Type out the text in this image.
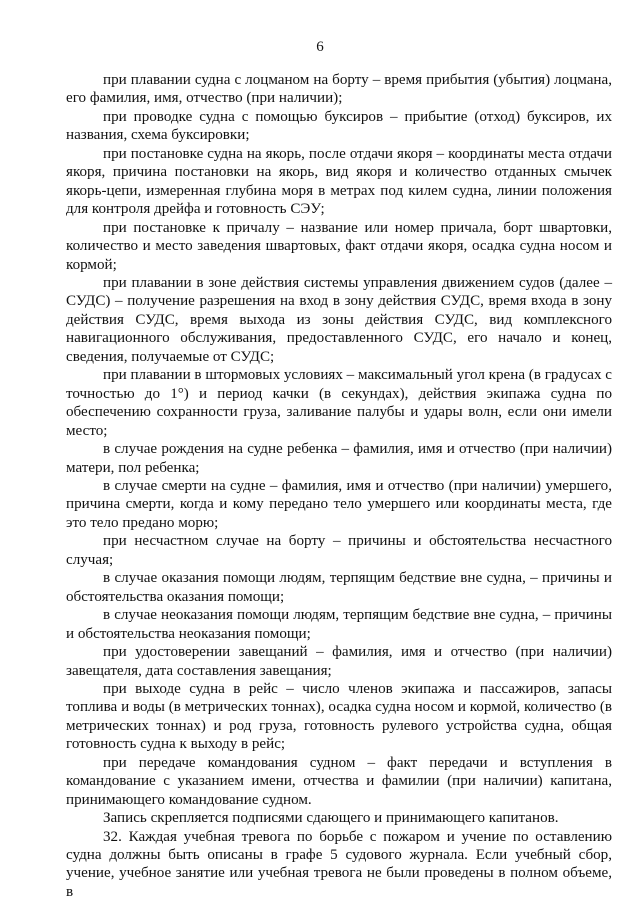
6

при плавании судна с лоцманом на борту – время прибытия (убытия) лоцмана, его фамилия, имя, отчество (при наличии);

при проводке судна с помощью буксиров – прибытие (отход) буксиров, их названия, схема буксировки;

при постановке судна на якорь, после отдачи якоря – координаты места отдачи якоря, причина постановки на якорь, вид якоря и количество отданных смычек якорь-цепи, измеренная глубина моря в метрах под килем судна, линии положения для контроля дрейфа и готовность СЭУ;

при постановке к причалу – название или номер причала, борт швартовки, количество и место заведения швартовых, факт отдачи якоря, осадка судна носом и кормой;

при плавании в зоне действия системы управления движением судов (далее – СУДС) – получение разрешения на вход в зону действия СУДС, время входа в зону действия СУДС, время выхода из зоны действия СУДС, вид комплексного навигационного обслуживания, предоставленного СУДС, его начало и конец, сведения, получаемые от СУДС;

при плавании в штормовых условиях – максимальный угол крена (в градусах с точностью до 1°) и период качки (в секундах), действия экипажа судна по обеспечению сохранности груза, заливание палубы и удары волн, если они имели место;

в случае рождения на судне ребенка – фамилия, имя и отчество (при наличии) матери, пол ребенка;

в случае смерти на судне – фамилия, имя и отчество (при наличии) умершего, причина смерти, когда и кому передано тело умершего или координаты места, где это тело предано морю;

при несчастном случае на борту – причины и обстоятельства несчастного случая;

в случае оказания помощи людям, терпящим бедствие вне судна, – причины и обстоятельства оказания помощи;

в случае неоказания помощи людям, терпящим бедствие вне судна, – причины и обстоятельства неоказания помощи;

при удостоверении завещаний – фамилия, имя и отчество (при наличии) завещателя, дата составления завещания;

при выходе судна в рейс – число членов экипажа и пассажиров, запасы топлива и воды (в метрических тоннах), осадка судна носом и кормой, количество (в метрических тоннах) и род груза, готовность рулевого устройства судна, общая готовность судна к выходу в рейс;

при передаче командования судном – факт передачи и вступления в командование с указанием имени, отчества и фамилии (при наличии) капитана, принимающего командование судном.

Запись скрепляется подписями сдающего и принимающего капитанов.

32. Каждая учебная тревога по борьбе с пожаром и учение по оставлению судна должны быть описаны в графе 5 судового журнала. Если учебный сбор, учение, учебное занятие или учебная тревога не были проведены в полном объеме, в
